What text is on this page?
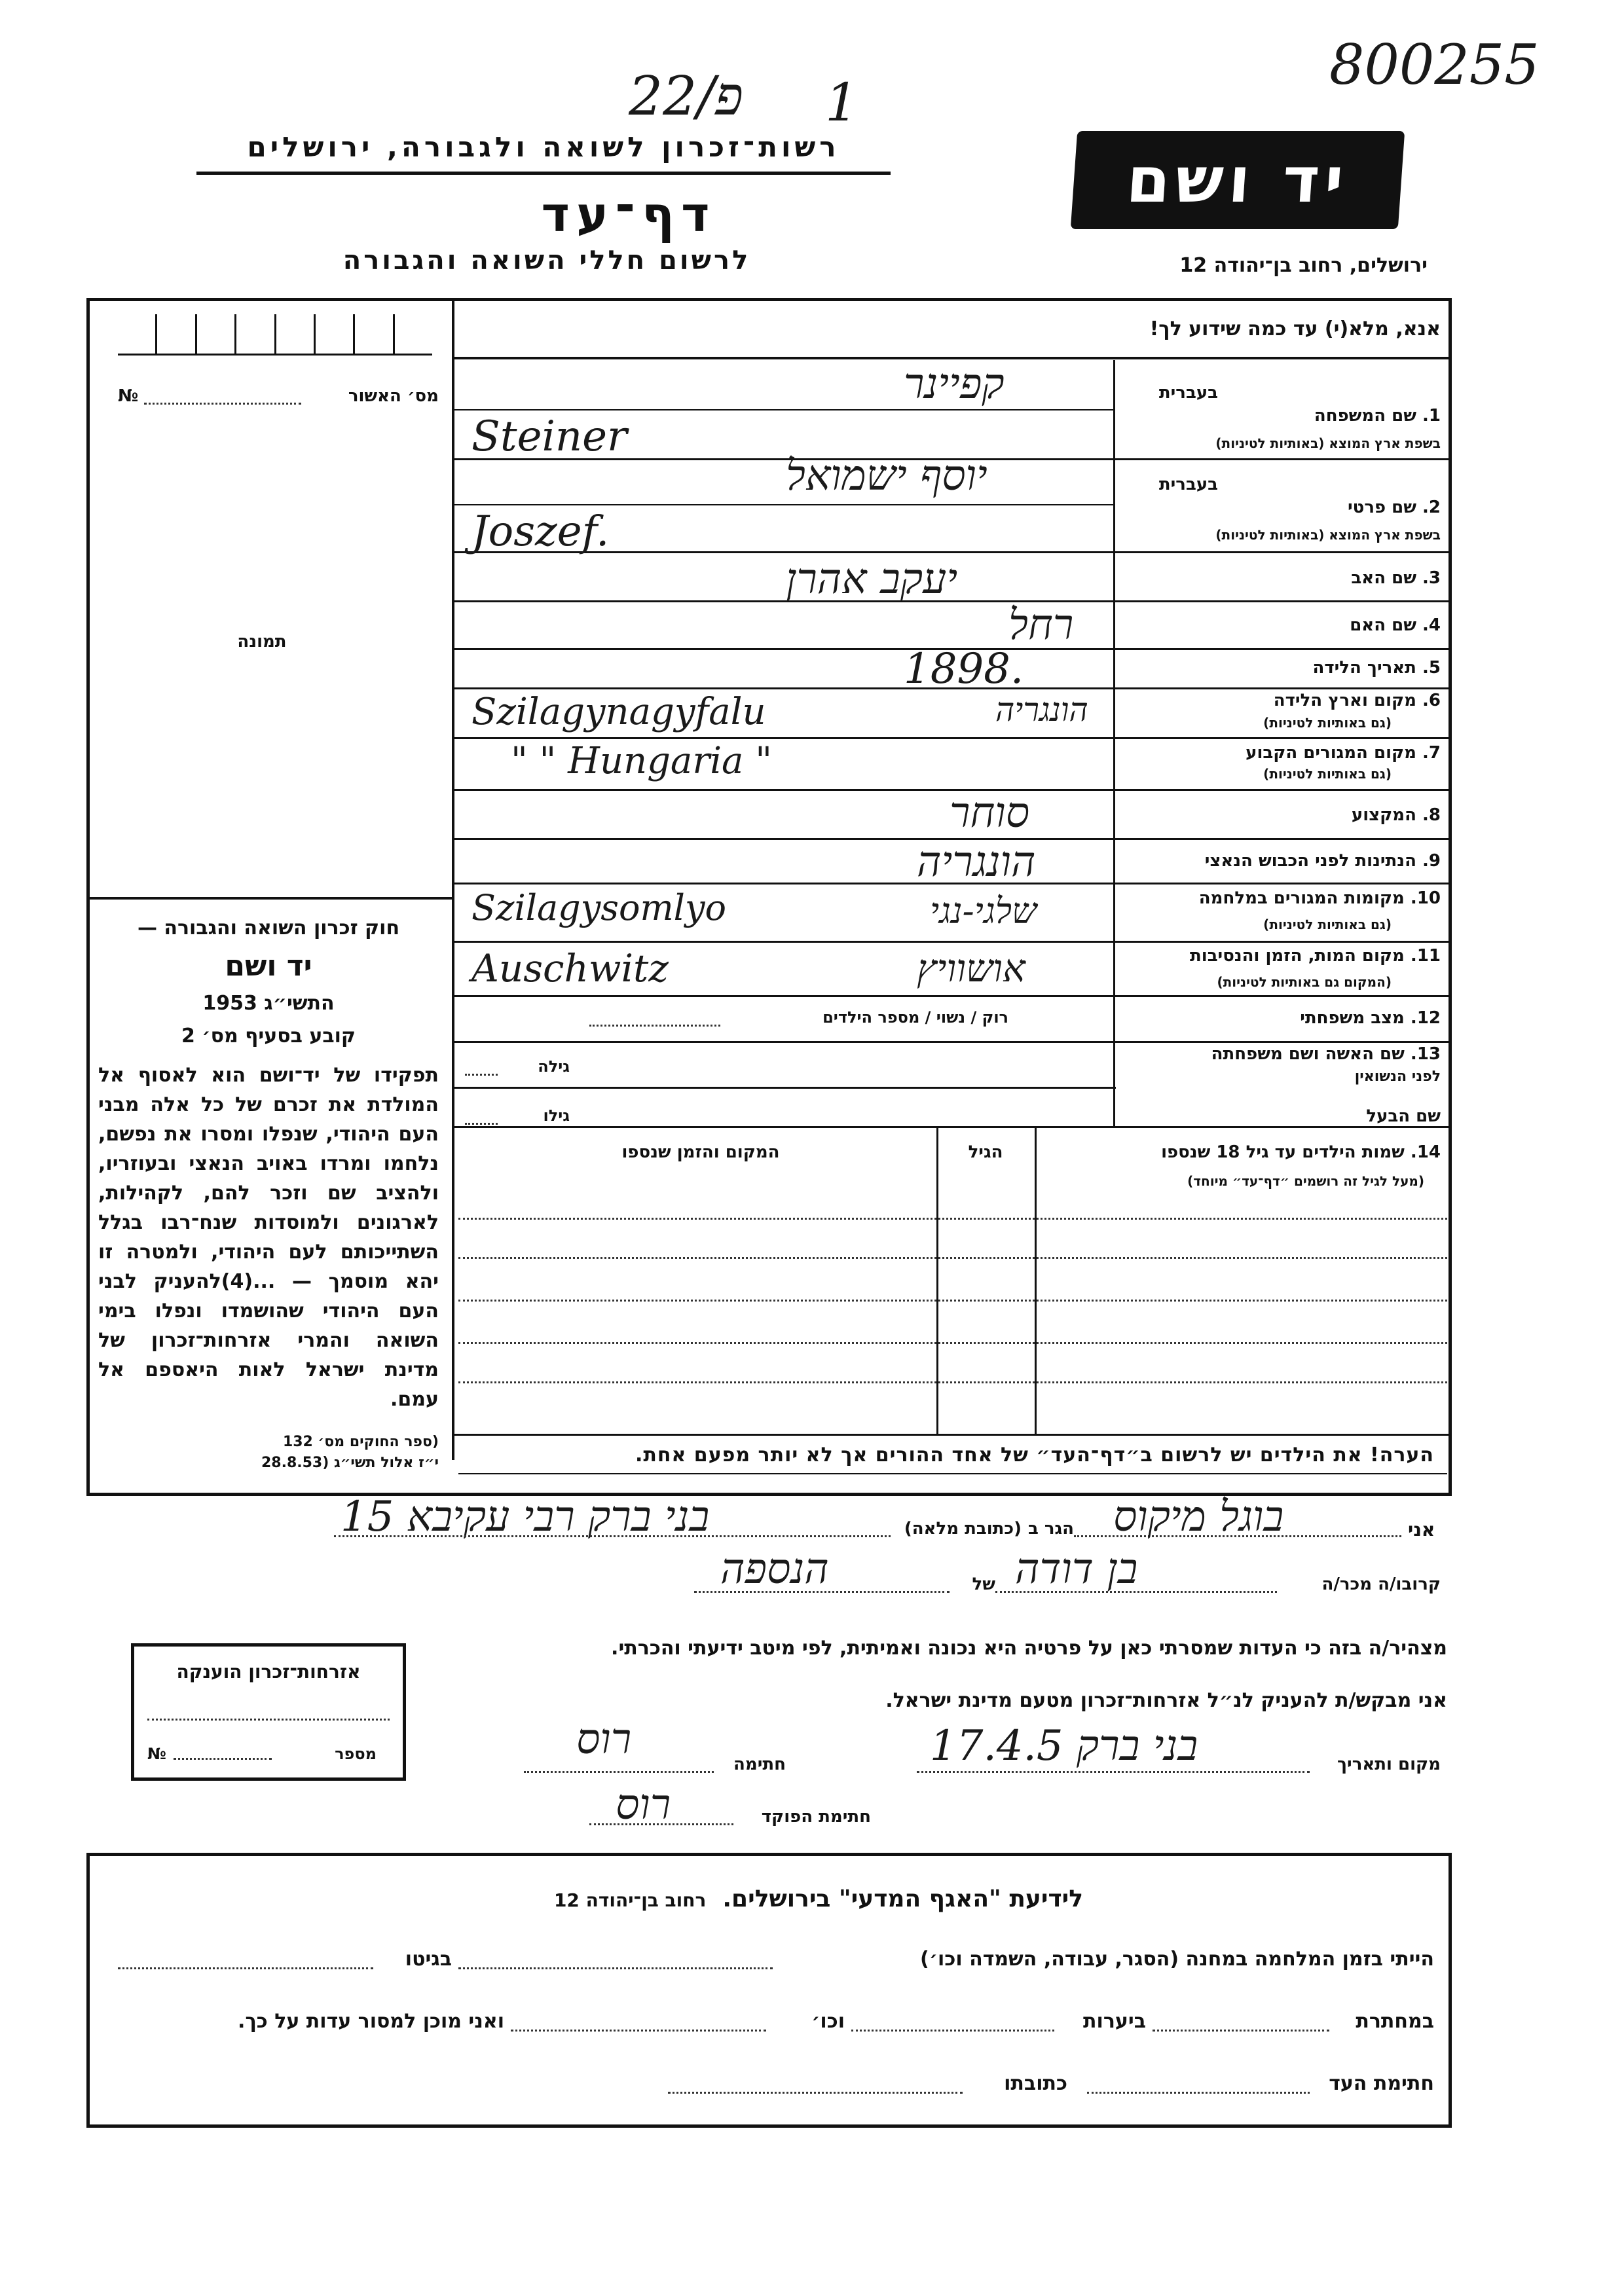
800255
פ/22 1
רשות־זכרון לשואה ולגבורה, ירושלים
דף־עד
לרשום חללי השואה והגבורה
יד ושם
ירושלים, רחוב בן־יהודה 12
אנא, מלא(י) עד כמה שידוע לך!
№	מס׳ האשור
תמונה
חוק זכרון השואה והגבורה —
יד ושם
התשי״ג 1953
קובע בסעיף מס׳ 2
תפקידו של יד־ושם הוא לאסוף אל המולדת את זכרם של כל אלה מבני העם היהודי, שנפלו ומסרו את נפשם, נלחמו ומרדו באויב הנאצי ובעוזריו, ולהציב שם וזכר להם, לקהילות, לארגונים ולמוסדות שנח־רבו בגלל השתייכותם לעם היהודי, ולמטרה זו יהא מוסמך — ...(4)להעניק לבני העם היהודי שהושמדו ונפלו בימי השואה והמרי אזרחות־זכרון של מדינת ישראל לאות היאספם אל עמם.
(ספר החוקים מס׳ 132
י״ז אלול תשי״ג (28.8.53
בעברית
1. שם המשפחה
בשפת ארץ המוצא (באותיות לטיניות)
קפיינר
Steiner
בעברית
2. שם פרטי
בשפת ארץ המוצא (באותיות לטיניות)
יוסף ישמואל
Joszef.
3. שם האב
יעקב אהרן
4. שם האם
רחל
5. תאריך הלידה
1898.
6. מקום וארץ הלידה
(גם באותיות לטיניות)
הונגריה
Szilagynagyfalu
7. מקום המגורים הקבוע
(גם באותיות לטיניות)
" " Hungaria "
8. המקצוע
סוחר
9. הנתינות לפני הכבוש הנאצי
הונגריה
10. מקומות המגורים במלחמה
(גם באותיות לטיניות)
שלגי-נגי
Szilagysomlyo
11. מקום המות, הזמן והנסיבות
(המקום גם באותיות לטיניות)
אושוויץ
Auschwitz
12. מצב משפחתי
רוק / נשוי / מספר הילדים
13. שם האשה ושם משפחתה
לפני הנשואין
גילה
שם הבעל
גילו
14. שמות הילדים עד גיל 18 שנספו
(מעל לגיל זה רושמים ״דף־עד״ מיוחד)
הגיל
המקום והזמן שנספו
הערה! את הילדים יש לרשום ב״דף־העד״ של אחד ההורים אך לא יותר מפעם אחת.
אני
בוגל מיקוס
הגר ב
(כתובת מלאה)
בני ברק רבי עקיבא 15
קרובו/ה מכר/ה
בן דודה
של
הנספה
מצהיר/ה בזה כי העדות שמסרתי כאן על פרטיה היא נכונה ואמיתית, לפי מיטב ידיעתי והכרתי.
אני מבקש/ת להעניק לנ״ל אזרחות־זכרון מטעם מדינת ישראל.
מקום ותאריך
בני ברק 17.4.5
חתימה
רוס
חתימת הפוקד
רוס
אזרחות־זכרון הוענקה
№	מספר
לידיעת "האגף המדעי" בירושלים.  רחוב בן־יהודה 12
הייתי בזמן המלחמה במחנה (הסגר, עבודה, השמדה וכו׳)
בגיטו
במחתרת
ביערות
וכו׳
ואני מוכן למסור עדות על כך.
חתימת העד
כתובתו
